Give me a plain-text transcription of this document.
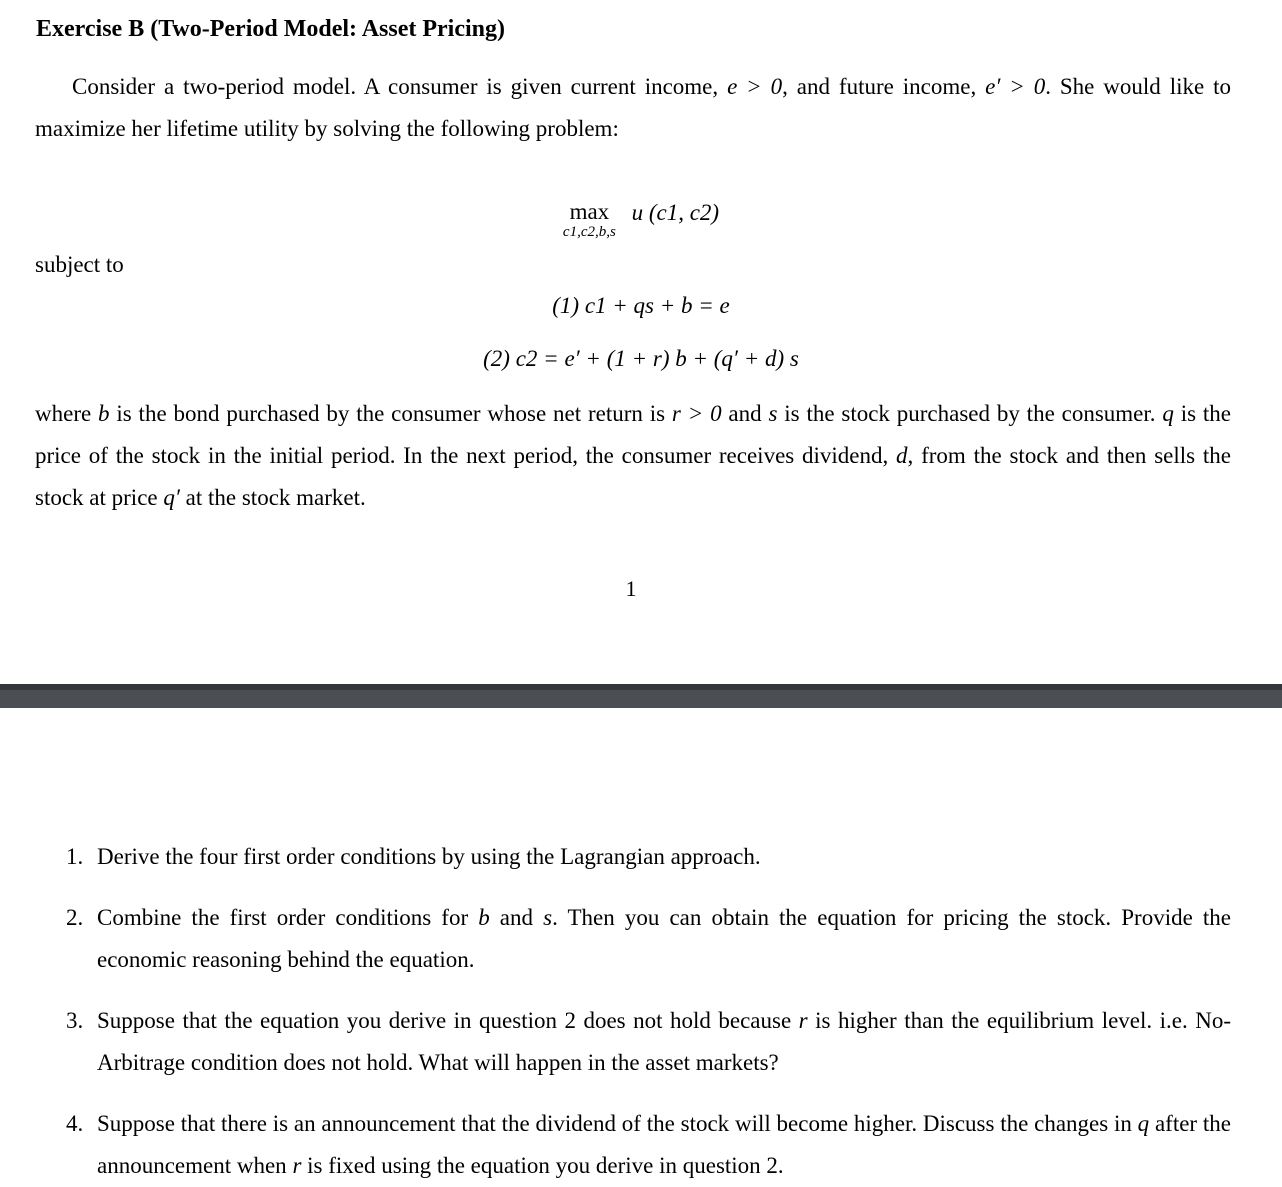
Exercise B (Two-Period Model: Asset Pricing)
Consider a two-period model. A consumer is given current income, e > 0, and future income, e′ > 0. She would like to maximize her lifetime utility by solving the following problem:
max
c1,c2,b,s
u (c1, c2)
subject to
(1) c1 + qs + b = e
(2) c2 = e′ + (1 + r) b + (q′ + d) s
where b is the bond purchased by the consumer whose net return is r > 0 and s is the stock purchased by the consumer. q is the price of the stock in the initial period. In the next period, the consumer receives dividend, d, from the stock and then sells the stock at price q′ at the stock market.
1
1. Derive the four first order conditions by using the Lagrangian approach.
2. Combine the first order conditions for b and s. Then you can obtain the equation for pricing the stock. Provide the economic reasoning behind the equation.
3. Suppose that the equation you derive in question 2 does not hold because r is higher than the equilibrium level. i.e. No-Arbitrage condition does not hold. What will happen in the asset markets?
4. Suppose that there is an announcement that the dividend of the stock will become higher. Discuss the changes in q after the announcement when r is fixed using the equation you derive in question 2.
